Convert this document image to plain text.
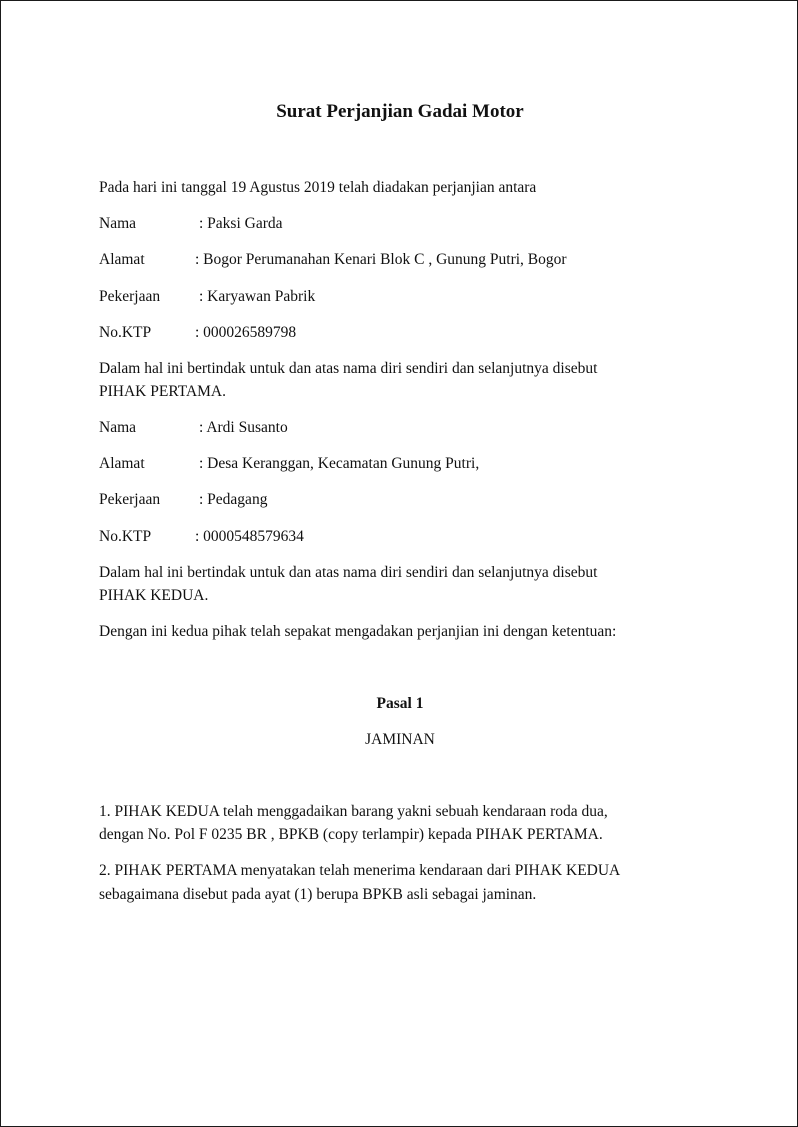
Surat Perjanjian Gadai Motor
Pada hari ini tanggal 19 Agustus 2019 telah diadakan perjanjian antara
Nama	: Paksi Garda
Alamat	: Bogor Perumanahan Kenari Blok C , Gunung Putri, Bogor
Pekerjaan	: Karyawan Pabrik
No.KTP	: 000026589798
Dalam hal ini bertindak untuk dan atas nama diri sendiri dan selanjutnya disebut
PIHAK PERTAMA.
Nama	: Ardi Susanto
Alamat	: Desa Keranggan, Kecamatan Gunung Putri,
Pekerjaan	: Pedagang
No.KTP	: 0000548579634
Dalam hal ini bertindak untuk dan atas nama diri sendiri dan selanjutnya disebut
PIHAK KEDUA.
Dengan ini kedua pihak telah sepakat mengadakan perjanjian ini dengan ketentuan:
Pasal 1
JAMINAN
1. PIHAK KEDUA telah menggadaikan barang yakni sebuah kendaraan roda dua,
dengan No. Pol F 0235 BR , BPKB (copy terlampir) kepada PIHAK PERTAMA.
2. PIHAK PERTAMA menyatakan telah menerima kendaraan dari PIHAK KEDUA
sebagaimana disebut pada ayat (1) berupa BPKB asli sebagai jaminan.
